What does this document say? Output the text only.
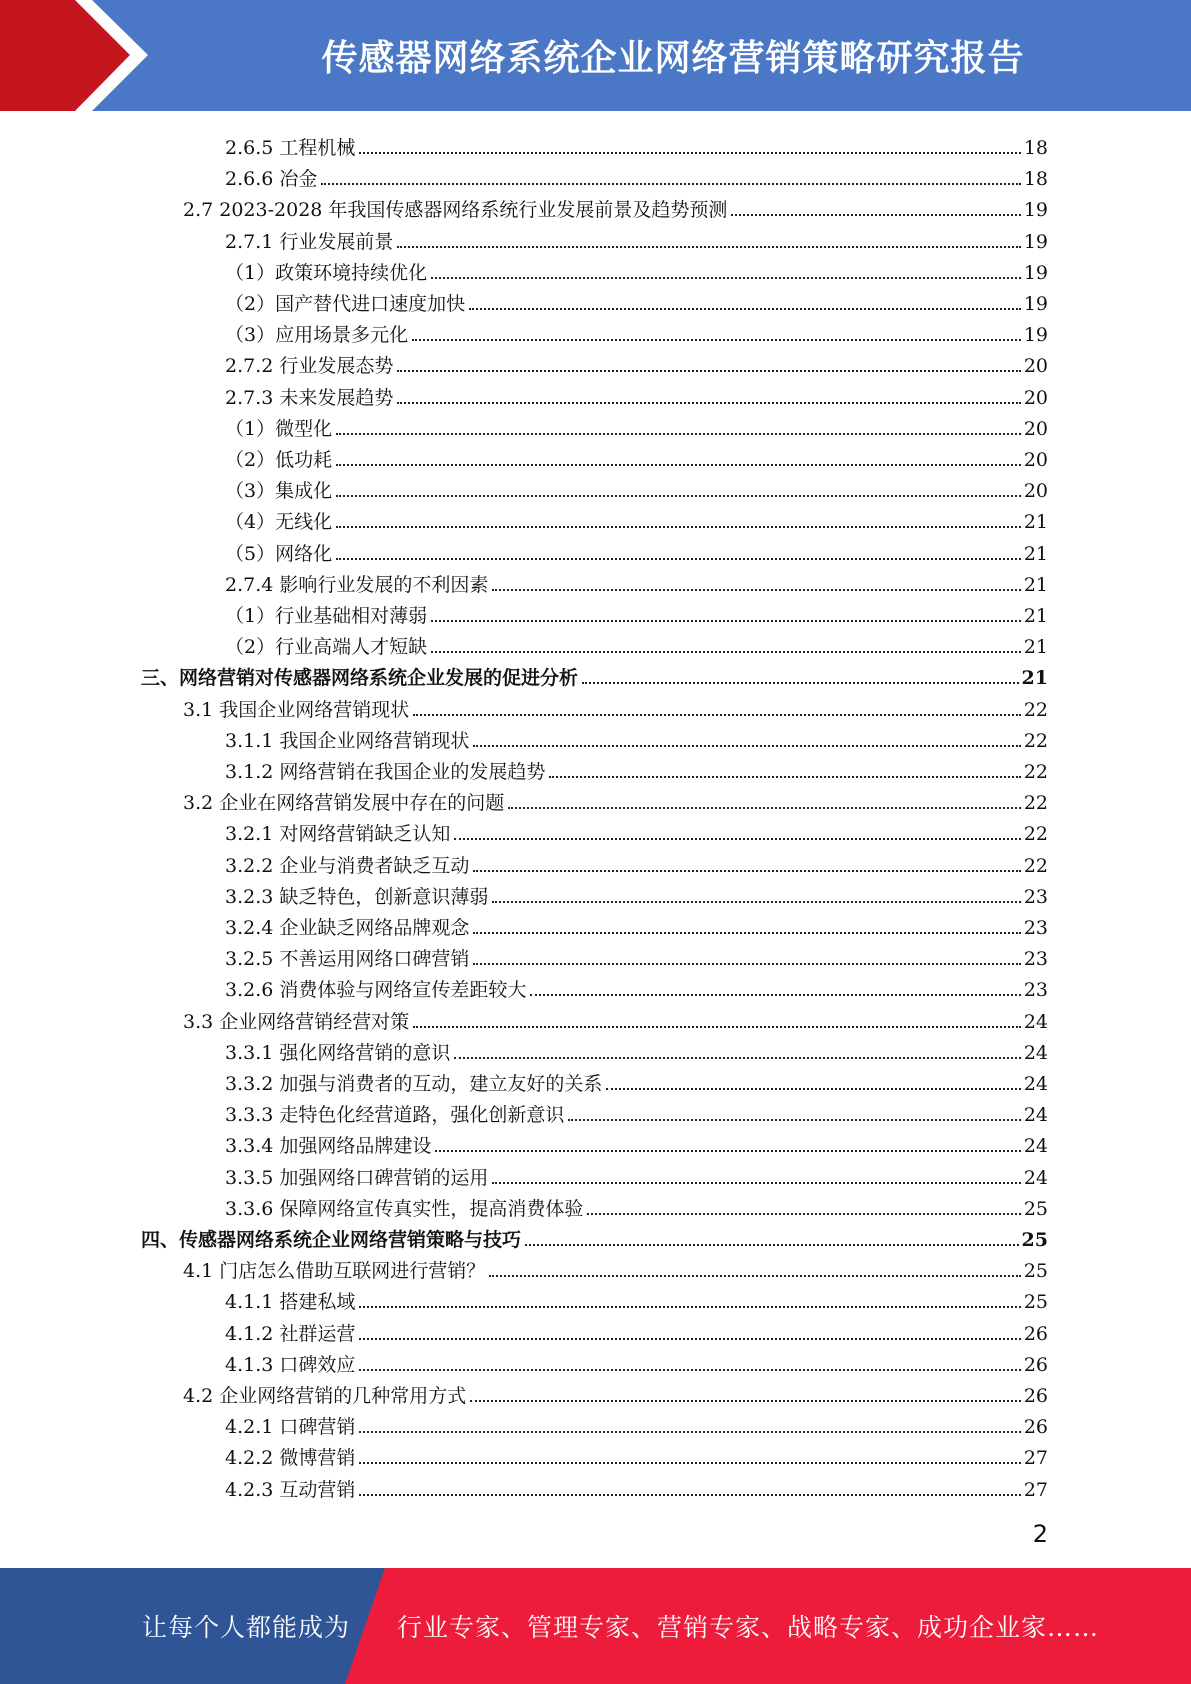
传感器网络系统企业网络营销策略研究报告
2.6.5 工程机械	18
2.6.6 冶金	18
2.7 2023-2028 年我国传感器网络系统行业发展前景及趋势预测	19
2.7.1 行业发展前景	19
（1）政策环境持续优化	19
（2）国产替代进口速度加快	19
（3）应用场景多元化	19
2.7.2 行业发展态势	20
2.7.3 未来发展趋势	20
（1）微型化	20
（2）低功耗	20
（3）集成化	20
（4）无线化	21
（5）网络化	21
2.7.4 影响行业发展的不利因素	21
（1）行业基础相对薄弱	21
（2）行业高端人才短缺	21
三、网络营销对传感器网络系统企业发展的促进分析	21
3.1 我国企业网络营销现状	22
3.1.1 我国企业网络营销现状	22
3.1.2 网络营销在我国企业的发展趋势	22
3.2 企业在网络营销发展中存在的问题	22
3.2.1 对网络营销缺乏认知	22
3.2.2 企业与消费者缺乏互动	22
3.2.3 缺乏特色，创新意识薄弱	23
3.2.4 企业缺乏网络品牌观念	23
3.2.5 不善运用网络口碑营销	23
3.2.6 消费体验与网络宣传差距较大	23
3.3 企业网络营销经营对策	24
3.3.1 强化网络营销的意识	24
3.3.2 加强与消费者的互动，建立友好的关系	24
3.3.3 走特色化经营道路，强化创新意识	24
3.3.4 加强网络品牌建设	24
3.3.5 加强网络口碑营销的运用	24
3.3.6 保障网络宣传真实性，提高消费体验	25
四、传感器网络系统企业网络营销策略与技巧	25
4.1 门店怎么借助互联网进行营销？	25
4.1.1 搭建私域	25
4.1.2 社群运营	26
4.1.3 口碑效应	26
4.2 企业网络营销的几种常用方式	26
4.2.1 口碑营销	26
4.2.2 微博营销	27
4.2.3 互动营销	27
2
让每个人都能成为 行业专家、管理专家、营销专家、战略专家、成功企业家……
